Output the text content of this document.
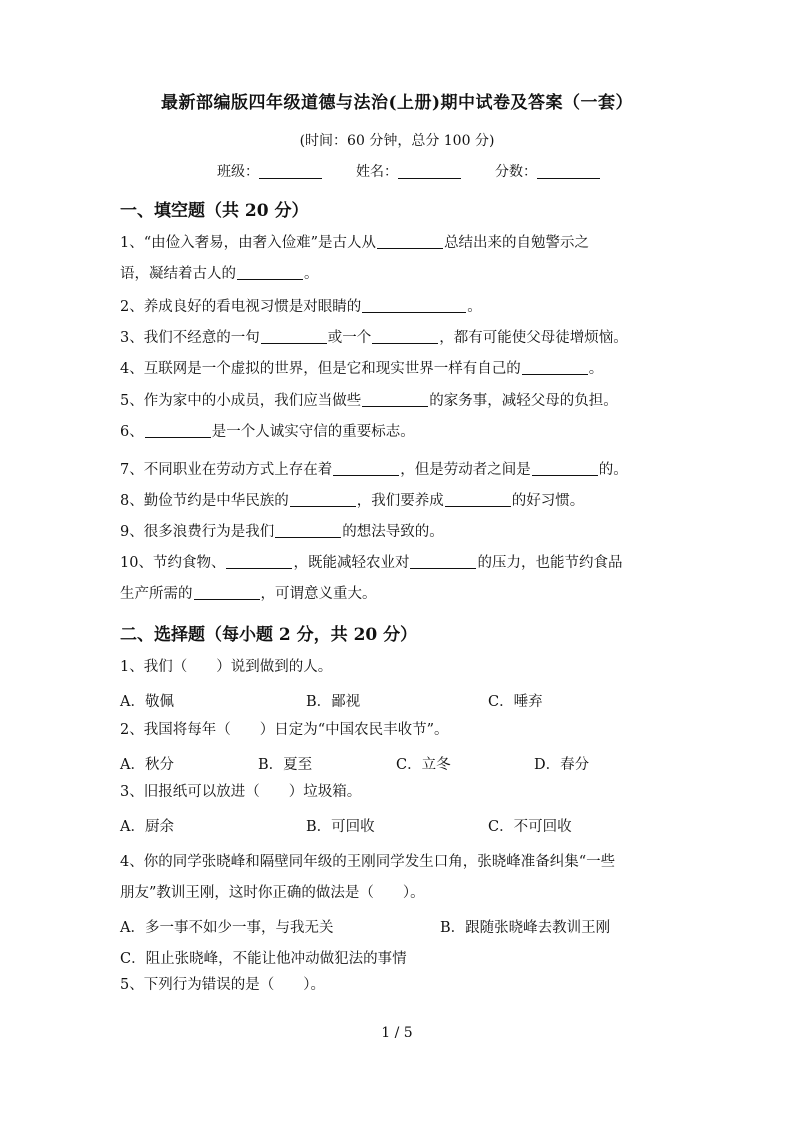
最新部编版四年级道德与法治(上册)期中试卷及答案（一套）
(时间：60 分钟，总分 100 分)
班级：	姓名：	分数：
一、填空题（共 20 分）
1、“由俭入奢易，由奢入俭难”是古人从	总结出来的自勉警示之
语，凝结着古人的	。
2、养成良好的看电视习惯是对眼睛的	。
3、我们不经意的一句	或一个	，都有可能使父母徒增烦恼。
4、互联网是一个虚拟的世界，但是它和现实世界一样有自己的	。
5、作为家中的小成员，我们应当做些	的家务事，减轻父母的负担。
6、	是一个人诚实守信的重要标志。
7、不同职业在劳动方式上存在着	，但是劳动者之间是	的。
8、勤俭节约是中华民族的	，我们要养成	的好习惯。
9、很多浪费行为是我们	的想法导致的。
10、节约食物、	，既能减轻农业对	的压力，也能节约食品
生产所需的	，可谓意义重大。
二、选择题（每小题 2 分，共 20 分）
1、我们（　　）说到做到的人。
A．敬佩	B．鄙视	C．唾弃
2、我国将每年（　　）日定为“中国农民丰收节”。
A．秋分	B．夏至	C．立冬	D．春分
3、旧报纸可以放进（　　）垃圾箱。
A．厨余	B．可回收	C．不可回收
4、你的同学张晓峰和隔壁同年级的王刚同学发生口角，张晓峰准备纠集“一些
朋友”教训王刚，这时你正确的做法是（　　）。
A．多一事不如少一事，与我无关	B．跟随张晓峰去教训王刚
C．阻止张晓峰，不能让他冲动做犯法的事情
5、下列行为错误的是（　　）。
1 / 5
